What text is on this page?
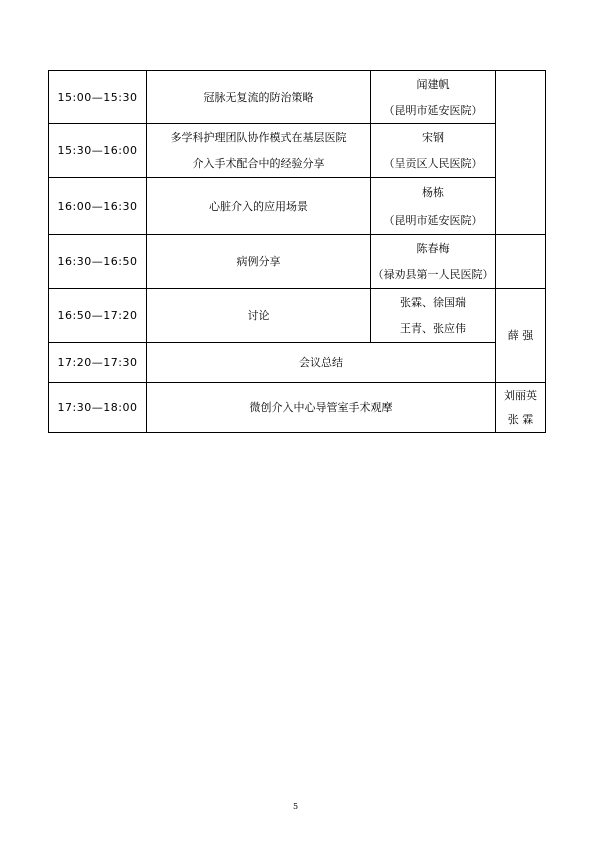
15:00—15:30	冠脉无复流的防治策略	闻建帆
（昆明市延安医院）	

15:30—16:00	多学科护理团队协作模式在基层医院
介入手术配合中的经验分享	宋钢
（呈贡区人民医院）	

16:00—16:30	心脏介入的应用场景	杨栋
（昆明市延安医院）	

16:30—16:50	病例分享	陈春梅
（禄劝县第一人民医院）	

16:50—17:20	讨论	张霖、徐国瑞
王青、张应伟	薛 强
17:20—17:30	会议总结		
17:30—18:00	微创介入中心导管室手术观摩		刘丽英
张 霖
5
